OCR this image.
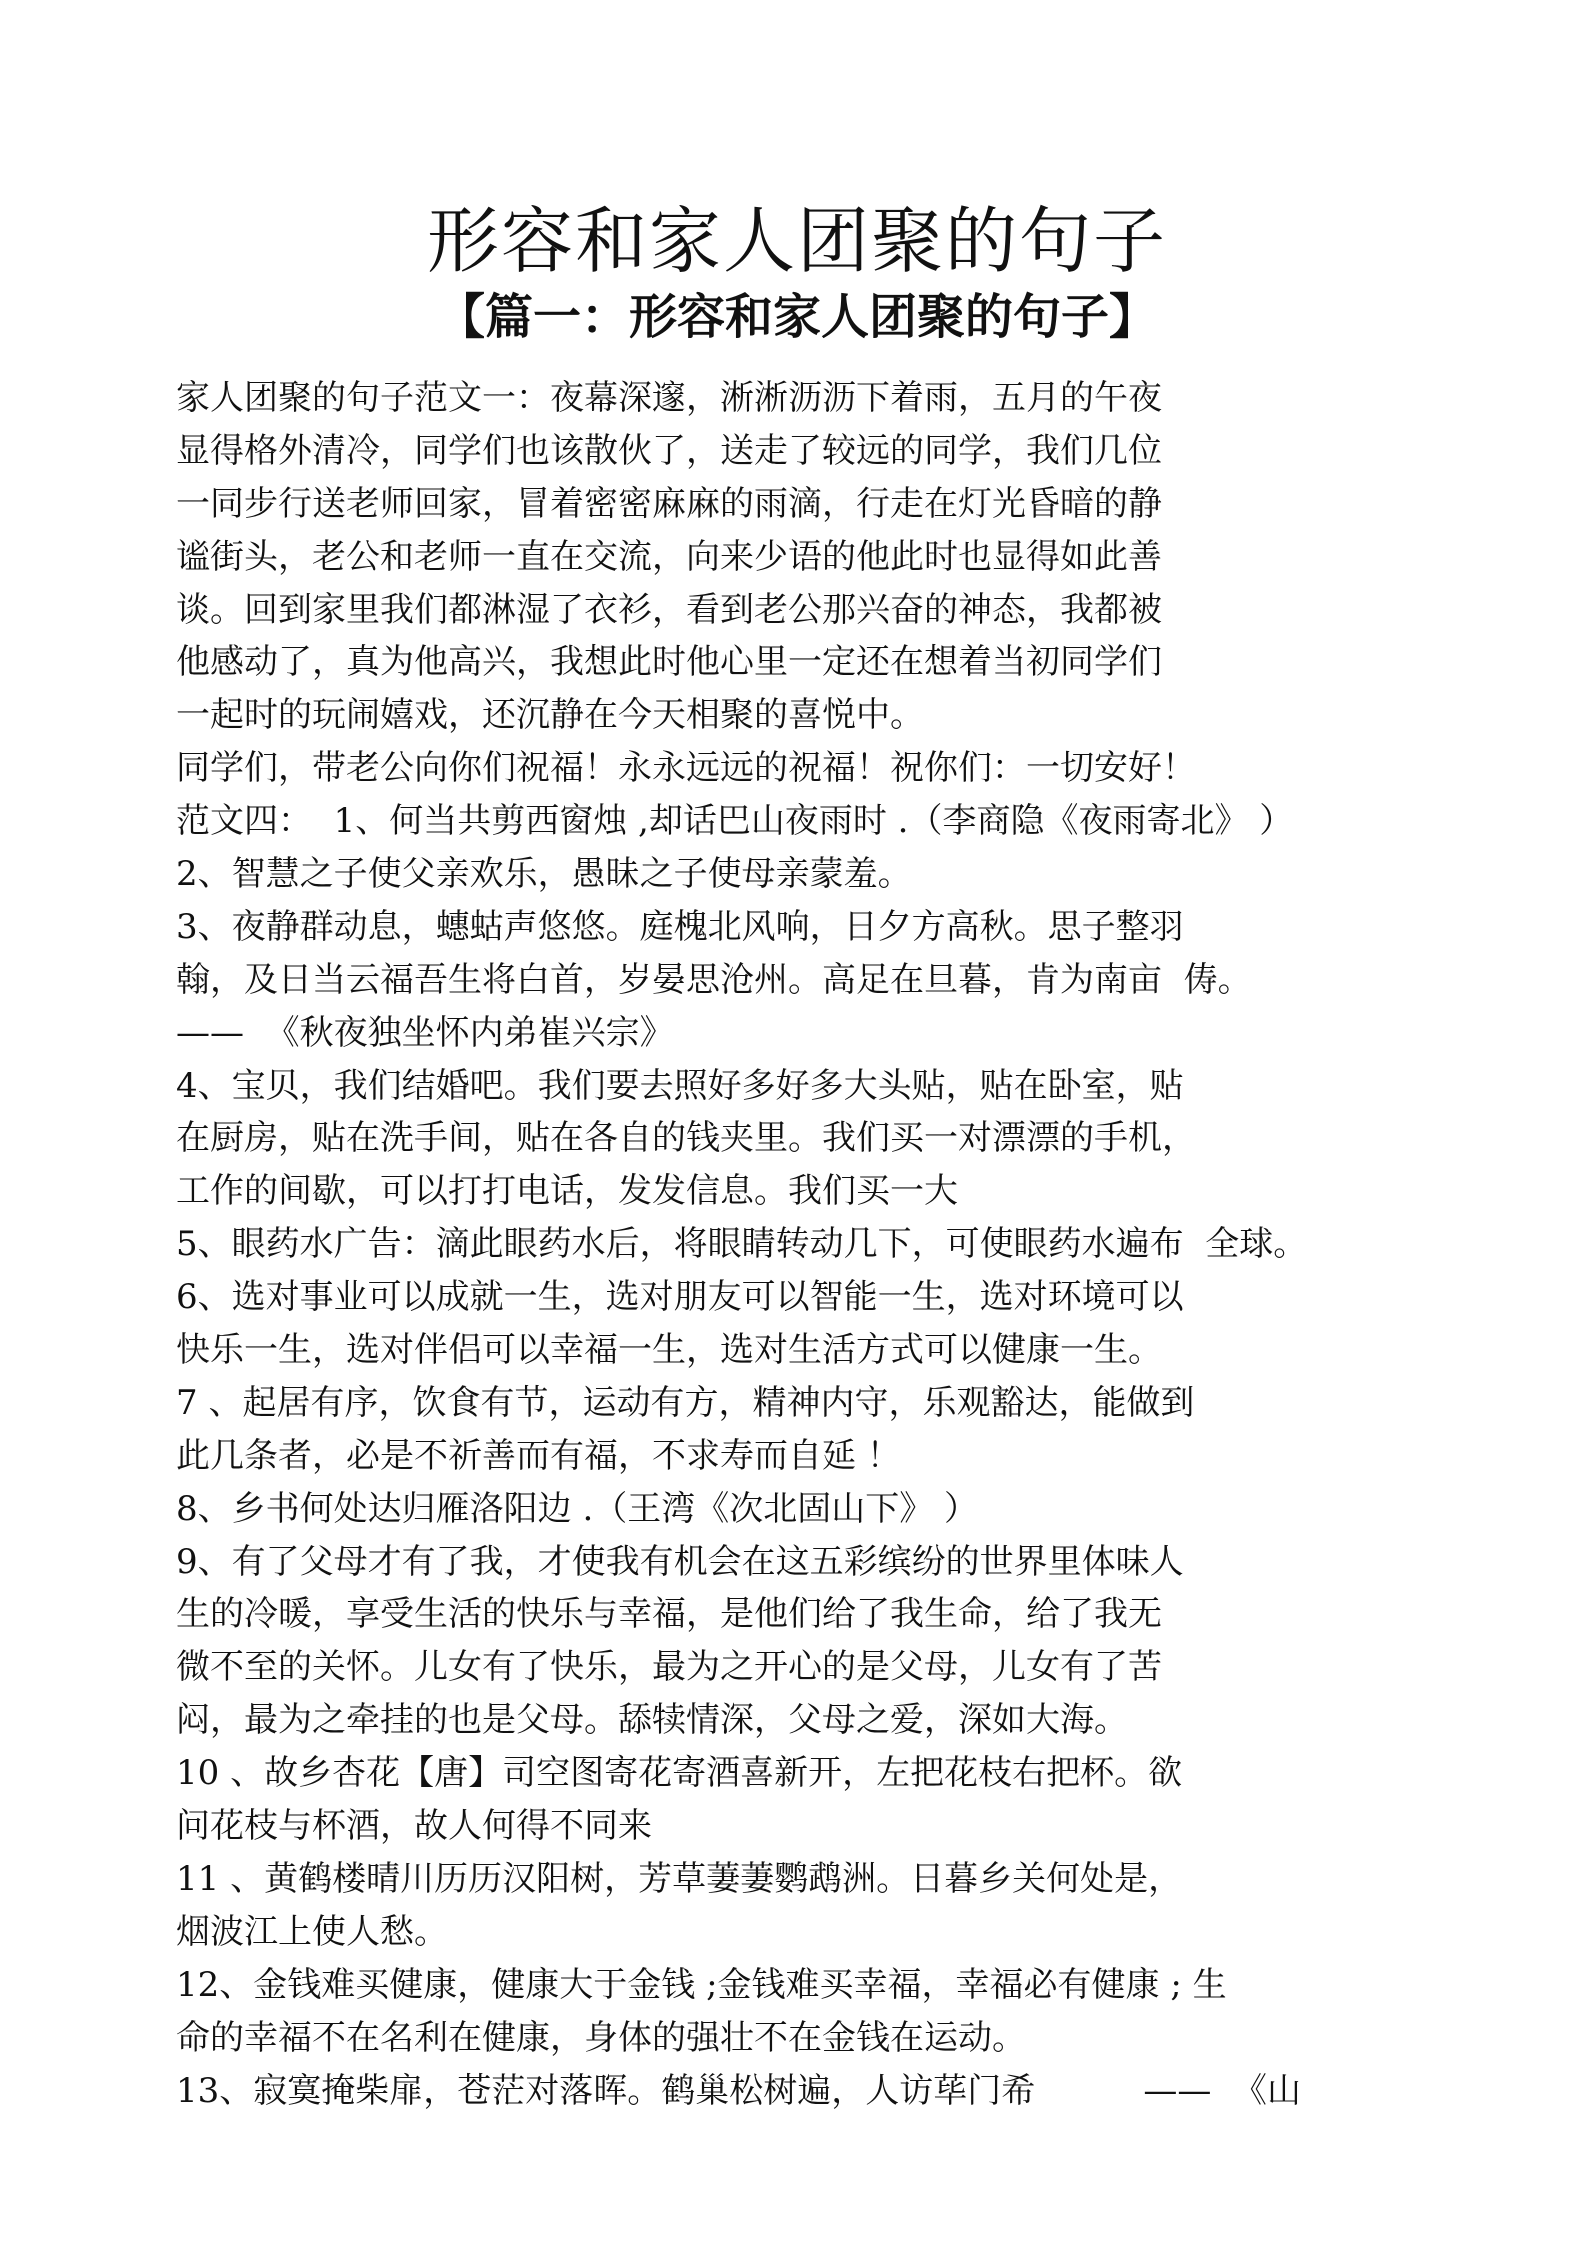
形容和家人团聚的句子
【篇一：形容和家人团聚的句子】
家人团聚的句子范文一：夜幕深邃，淅淅沥沥下着雨，五月的午夜
显得格外清冷，同学们也该散伙了，送走了较远的同学，我们几位
一同步行送老师回家，冒着密密麻麻的雨滴，行走在灯光昏暗的静
谧街头，老公和老师一直在交流，向来少语的他此时也显得如此善
谈。回到家里我们都淋湿了衣衫，看到老公那兴奋的神态，我都被
他感动了，真为他高兴，我想此时他心里一定还在想着当初同学们
一起时的玩闹嬉戏，还沉静在今天相聚的喜悦中。
同学们，带老公向你们祝福！永永远远的祝福！祝你们：一切安好！
范文四：  1、何当共剪西窗烛 ,却话巴山夜雨时 .（李商隐《夜雨寄北》 ）
2、智慧之子使父亲欢乐，愚昧之子使母亲蒙羞。
3、夜静群动息，蟪蛄声悠悠。庭槐北风响，日夕方高秋。思子整羽
翰，及日当云福吾生将白首，岁晏思沧州。高足在旦暮，肯为南亩  俦。
——  《秋夜独坐怀内弟崔兴宗》
4、宝贝，我们结婚吧。我们要去照好多好多大头贴，贴在卧室，贴
在厨房，贴在洗手间，贴在各自的钱夹里。我们买一对漂漂的手机，
工作的间歇，可以打打电话，发发信息。我们买一大
5、眼药水广告：滴此眼药水后，将眼睛转动几下，可使眼药水遍布  全球。
6、选对事业可以成就一生，选对朋友可以智能一生，选对环境可以
快乐一生，选对伴侣可以幸福一生，选对生活方式可以健康一生。
7 、起居有序，饮食有节，运动有方，精神内守，乐观豁达，能做到
此几条者，必是不祈善而有福，不求寿而自延 ！
8、乡书何处达归雁洛阳边 .（王湾《次北固山下》 ）
9、有了父母才有了我，才使我有机会在这五彩缤纷的世界里体味人
生的冷暖，享受生活的快乐与幸福，是他们给了我生命，给了我无
微不至的关怀。儿女有了快乐，最为之开心的是父母，儿女有了苦
闷，最为之牵挂的也是父母。舔犊情深，父母之爱，深如大海。
10 、故乡杏花【唐】司空图寄花寄酒喜新开，左把花枝右把杯。欲
问花枝与杯酒，故人何得不同来
11 、黄鹤楼晴川历历汉阳树，芳草萋萋鹦鹉洲。日暮乡关何处是，
烟波江上使人愁。
12、金钱难买健康，健康大于金钱 ;金钱难买幸福，幸福必有健康 ; 生
命的幸福不在名利在健康，身体的强壮不在金钱在运动。
13、寂寞掩柴扉，苍茫对落晖。鹤巢松树遍，人访荜门希          ——  《山
